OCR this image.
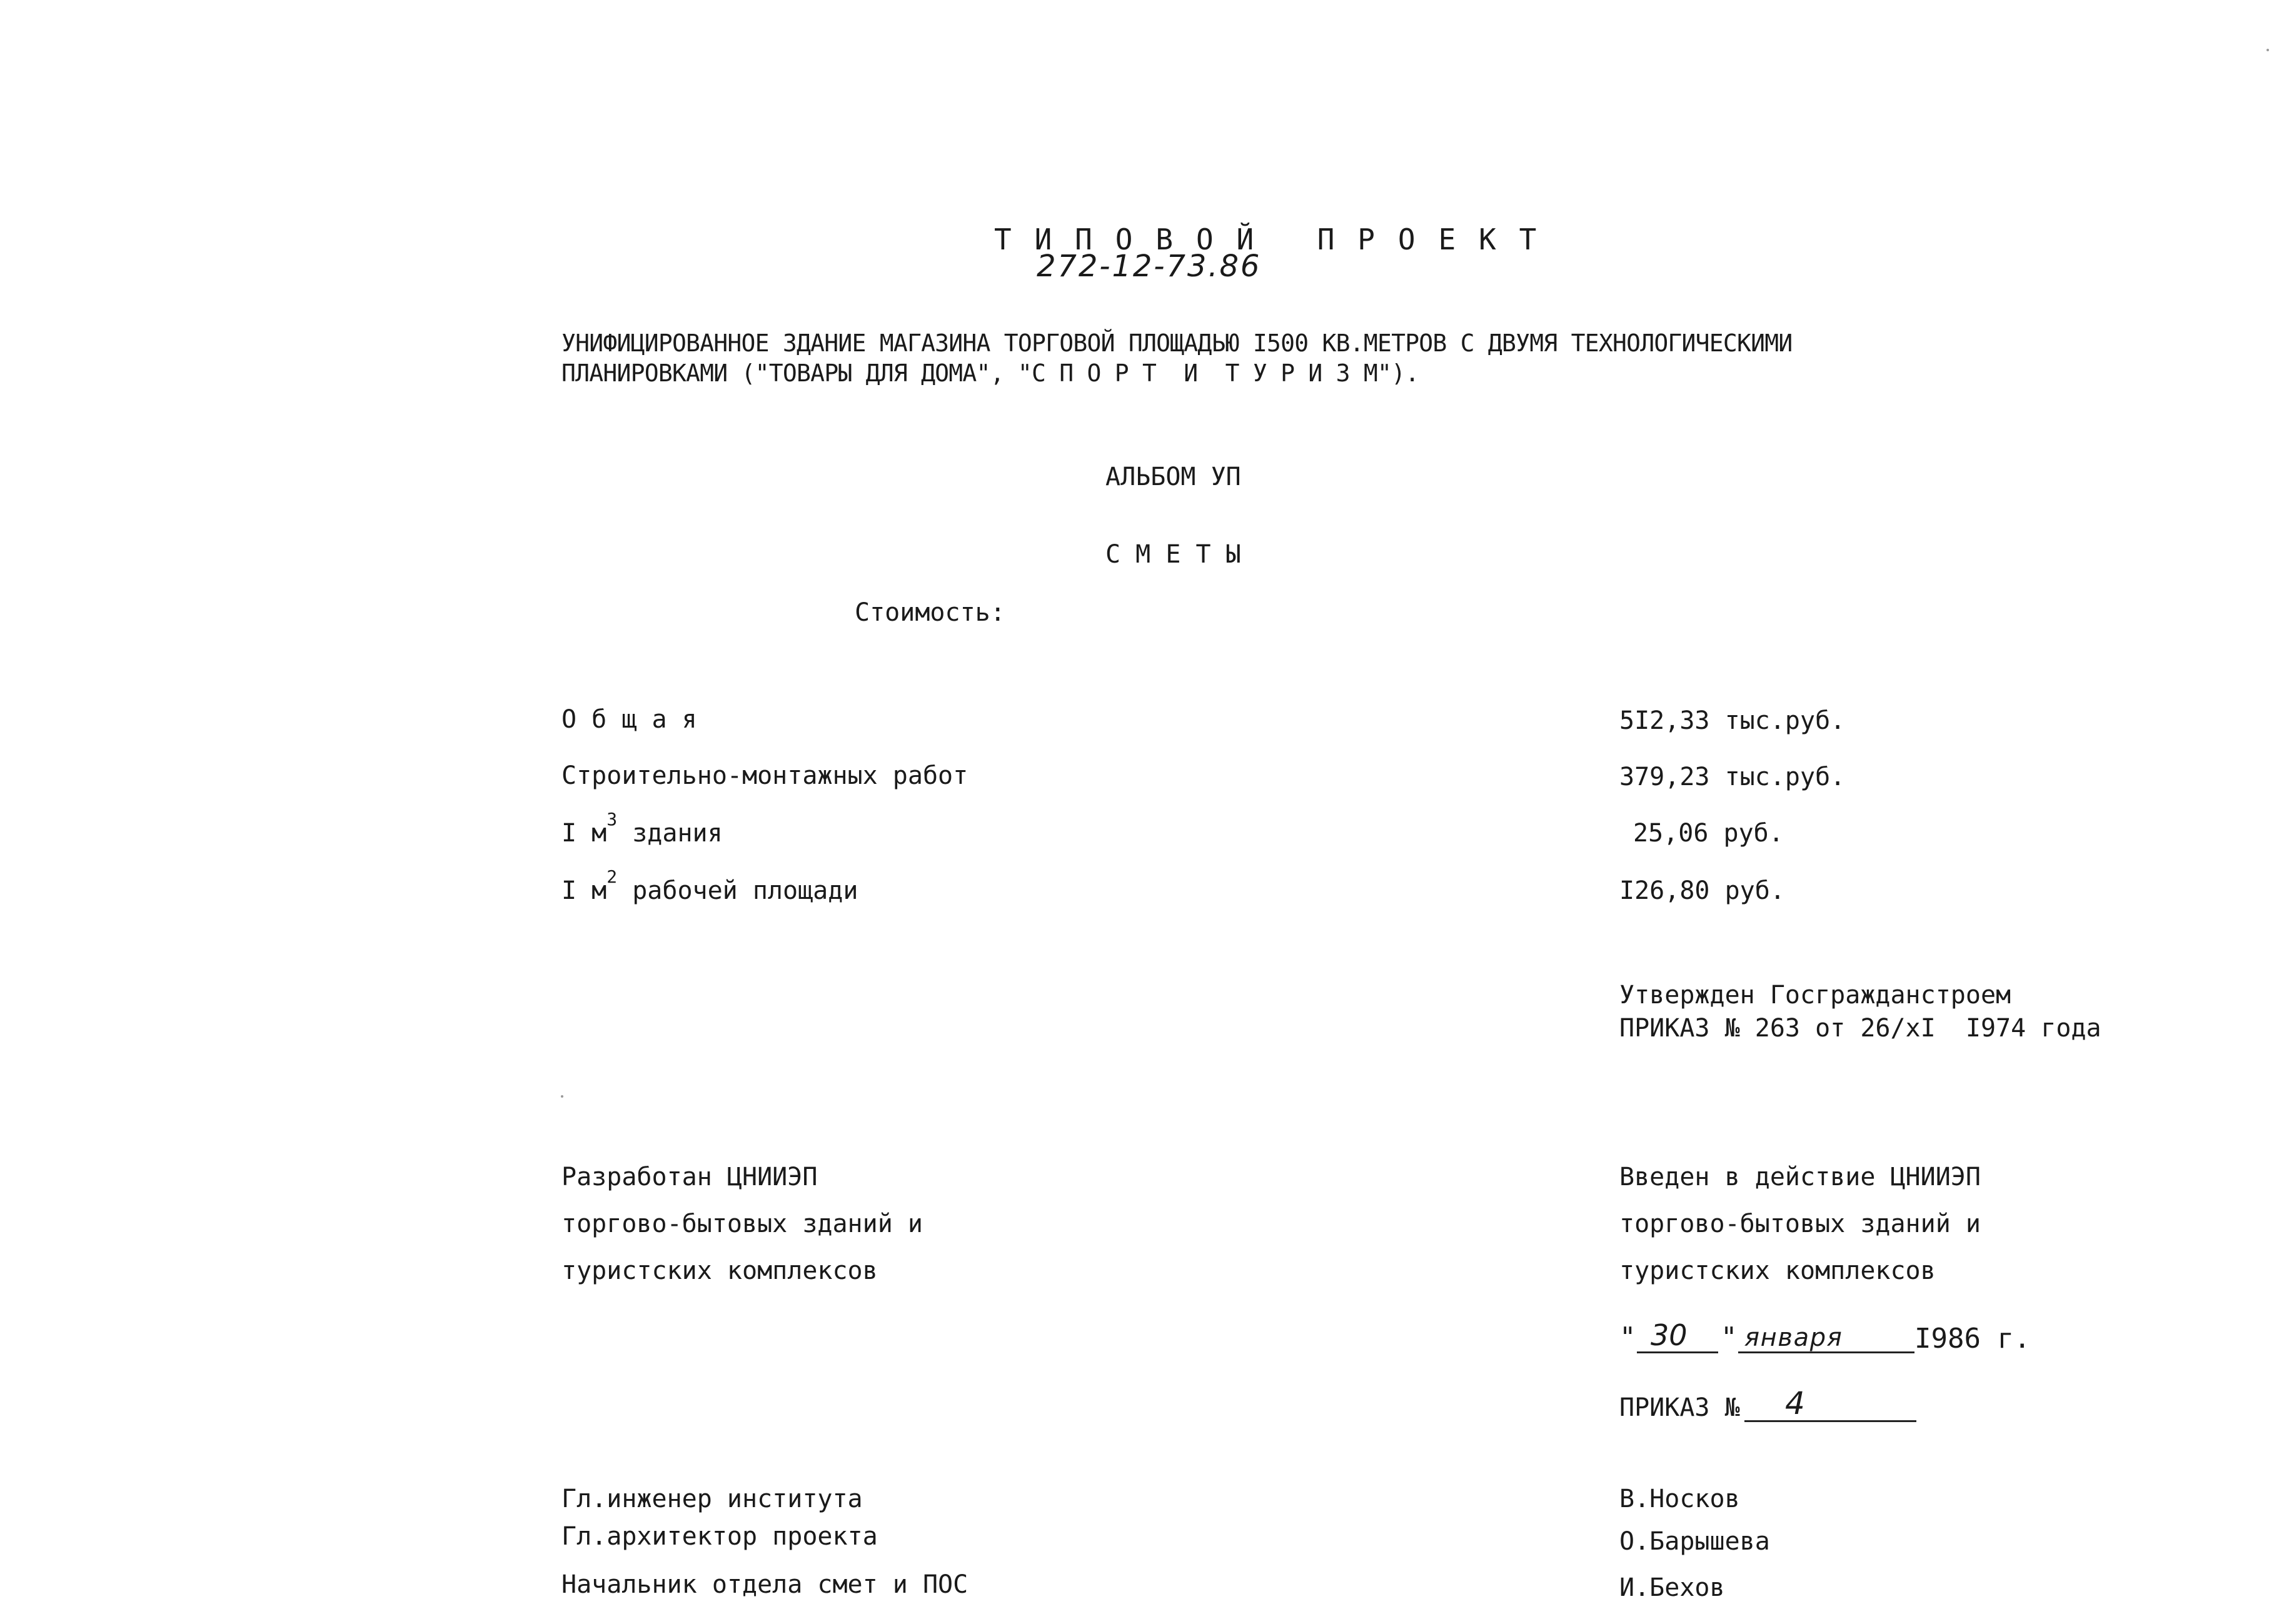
Т И П О В О Й   П Р О Е К Т
272-12-73.86
УНИФИЦИРОВАННОЕ ЗДАНИЕ МАГАЗИНА ТОРГОВОЙ ПЛОЩАДЬЮ I500 КВ.МЕТРОВ С ДВУМЯ ТЕХНОЛОГИЧЕСКИМИ
ПЛАНИРОВКАМИ ("ТОВАРЫ ДЛЯ ДОМА", "С П О Р Т  И  Т У Р И З М").
АЛЬБОМ УП
С М Е Т Ы
Стоимость:
О б щ а я	5I2,33 тыс.руб.
Строительно-монтажных работ	379,23 тыс.руб.
I $м^3$ здания	25,06 руб.
I $м^2$ рабочей площади	I26,80 руб.
Утвержден Госгражданстроем
ПРИКАЗ № 263 от 26/хI  I974 года
Разработан ЦНИИЭП
торгово-бытовых зданий и
туристских комплексов
Введен в действие ЦНИИЭП
торгово-бытовых зданий и
туристских комплексов
" 30 " января	I986 г.
ПРИКАЗ № 4
Гл.инженер института	В.Носков
Гл.архитектор проекта	О.Барышева
Начальник отдела смет и ПОС	И.Бехов
